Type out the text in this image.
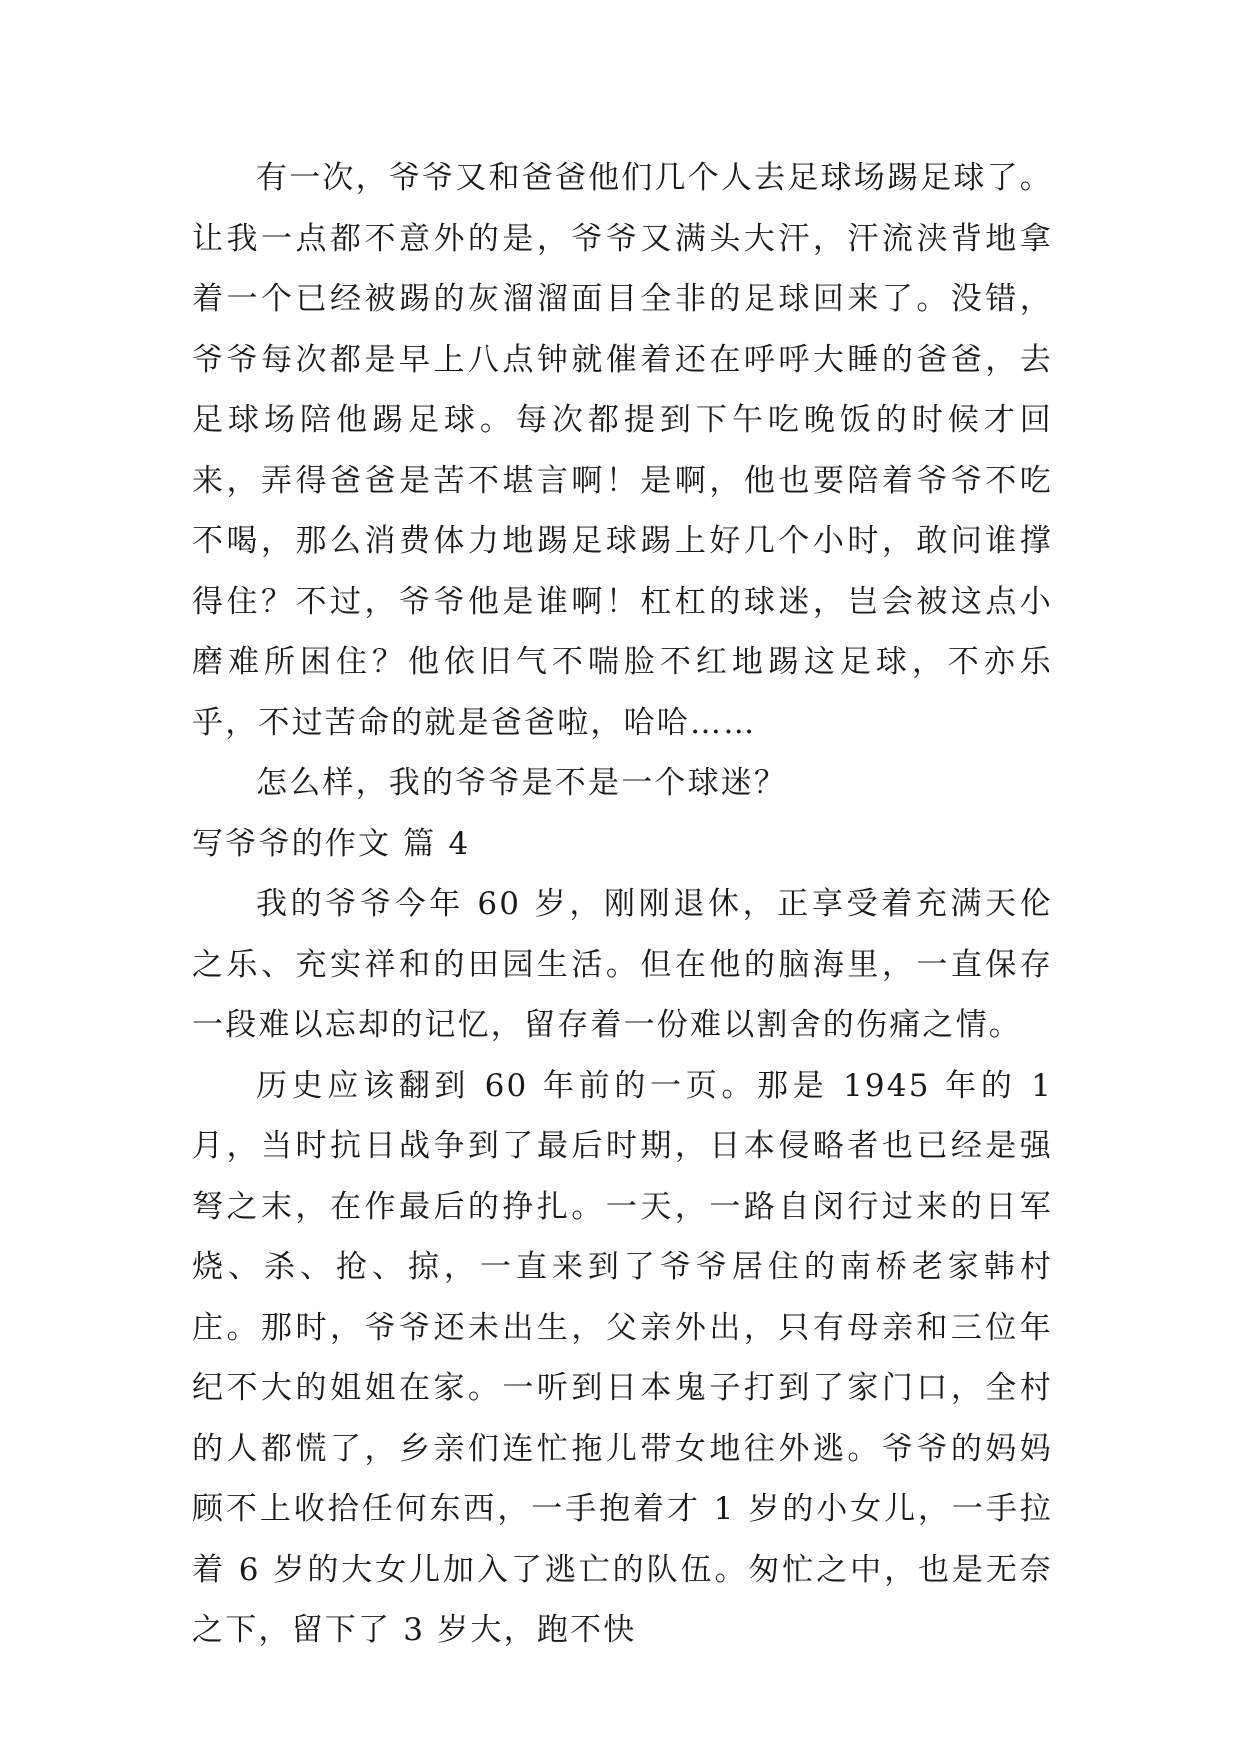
有一次，爷爷又和爸爸他们几个人去足球场踢足球了。让我一点都不意外的是，爷爷又满头大汗，汗流浃背地拿着一个已经被踢的灰溜溜面目全非的足球回来了。没错，爷爷每次都是早上八点钟就催着还在呼呼大睡的爸爸，去足球场陪他踢足球。每次都提到下午吃晚饭的时候才回来，弄得爸爸是苦不堪言啊！是啊，他也要陪着爷爷不吃不喝，那么消费体力地踢足球踢上好几个小时，敢问谁撑得住？不过，爷爷他是谁啊！杠杠的球迷，岂会被这点小磨难所困住？他依旧气不喘脸不红地踢这足球，不亦乐乎，不过苦命的就是爸爸啦，哈哈……

怎么样，我的爷爷是不是一个球迷？

写爷爷的作文 篇 4

我的爷爷今年 60 岁，刚刚退休，正享受着充满天伦之乐、充实祥和的田园生活。但在他的脑海里，一直保存一段难以忘却的记忆，留存着一份难以割舍的伤痛之情。

历史应该翻到 60 年前的一页。那是 1945 年的 1 月，当时抗日战争到了最后时期，日本侵略者也已经是强弩之末，在作最后的挣扎。一天，一路自闵行过来的日军烧、杀、抢、掠，一直来到了爷爷居住的南桥老家韩村庄。那时，爷爷还未出生，父亲外出，只有母亲和三位年纪不大的姐姐在家。一听到日本鬼子打到了家门口，全村的人都慌了，乡亲们连忙拖儿带女地往外逃。爷爷的妈妈顾不上收拾任何东西，一手抱着才 1 岁的小女儿，一手拉着 6 岁的大女儿加入了逃亡的队伍。匆忙之中，也是无奈之下，留下了 3 岁大，跑不快
